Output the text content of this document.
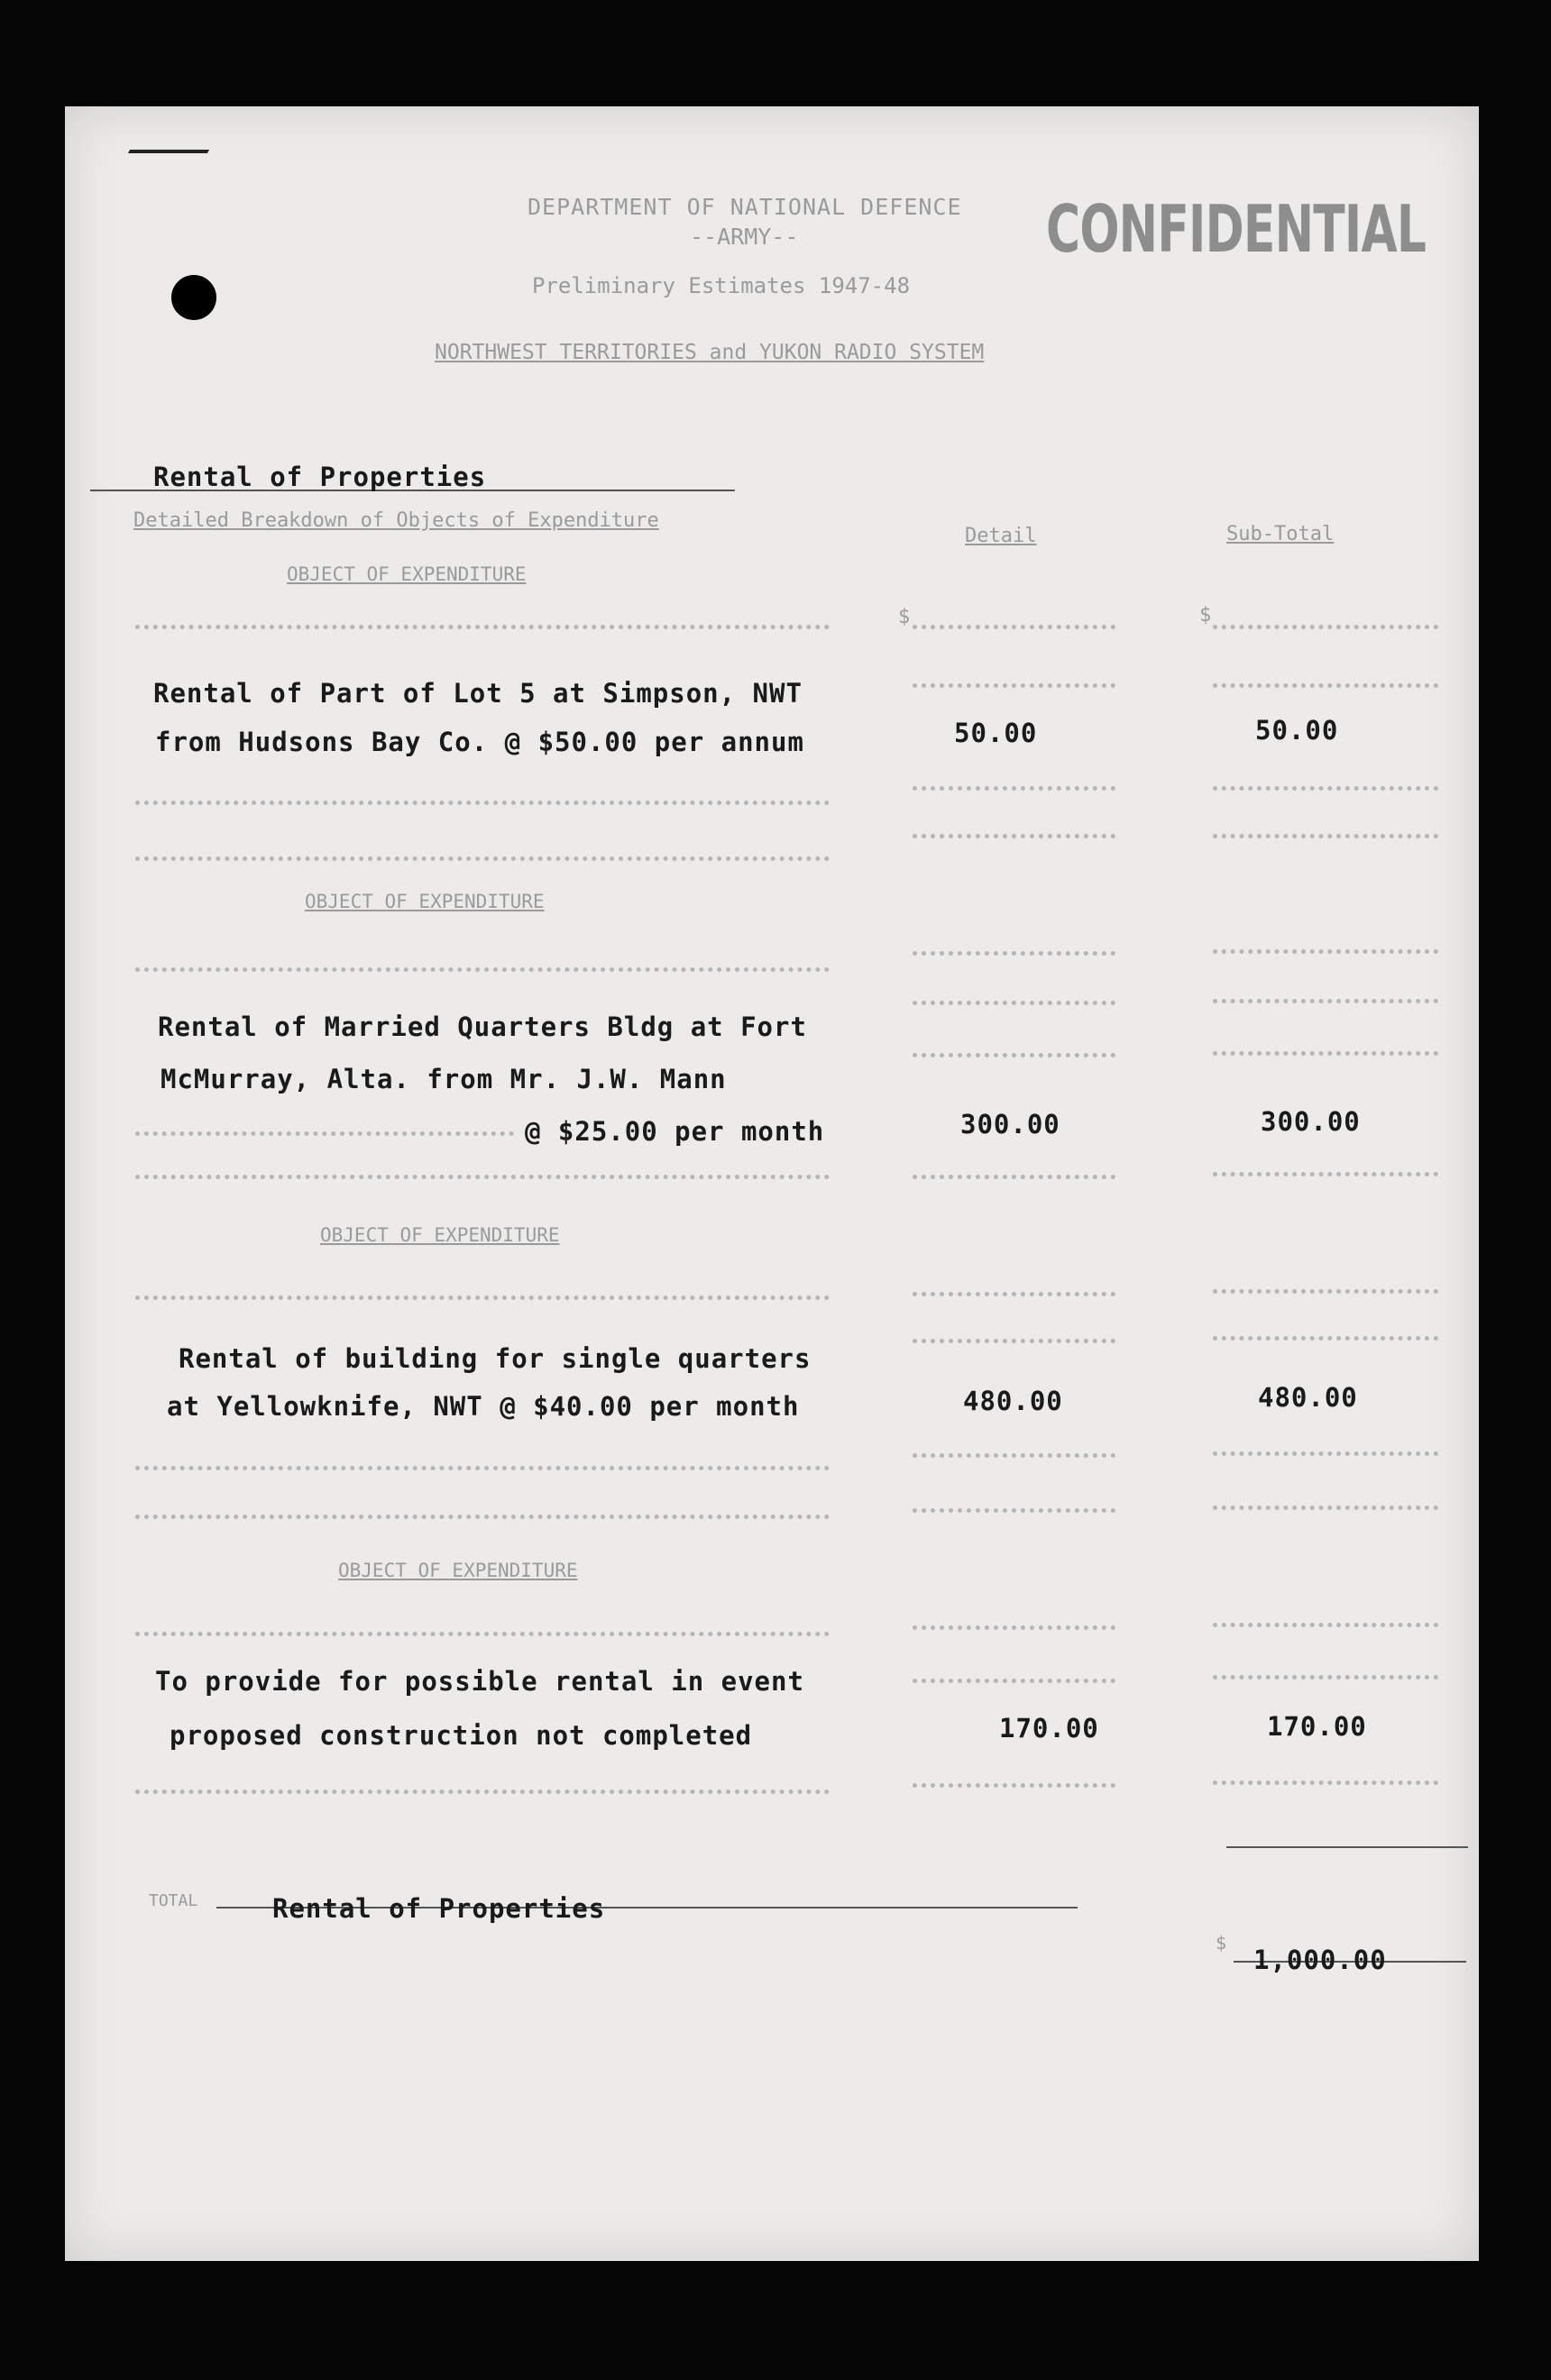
DEPARTMENT OF NATIONAL DEFENCE
--ARMY--
Preliminary Estimates 1947-48
NORTHWEST TERRITORIES and YUKON RADIO SYSTEM
CONFIDENTIAL
Rental of Properties
Detailed Breakdown of Objects of Expenditure
Detail	Sub-Total
OBJECT OF EXPENDITURE
$	$
Rental of Part of Lot 5 at Simpson, NWT
from Hudsons Bay Co. @ $50.00 per annum	50.00	50.00
OBJECT OF EXPENDITURE
Rental of Married Quarters Bldg at Fort
McMurray, Alta. from Mr. J.W. Mann
@ $25.00 per month	300.00	300.00
OBJECT OF EXPENDITURE
Rental of building for single quarters
at Yellowknife, NWT @ $40.00 per month	480.00	480.00
OBJECT OF EXPENDITURE
To provide for possible rental in event
proposed construction not completed	170.00	170.00
TOTAL	Rental of Properties
$
1,000.00
